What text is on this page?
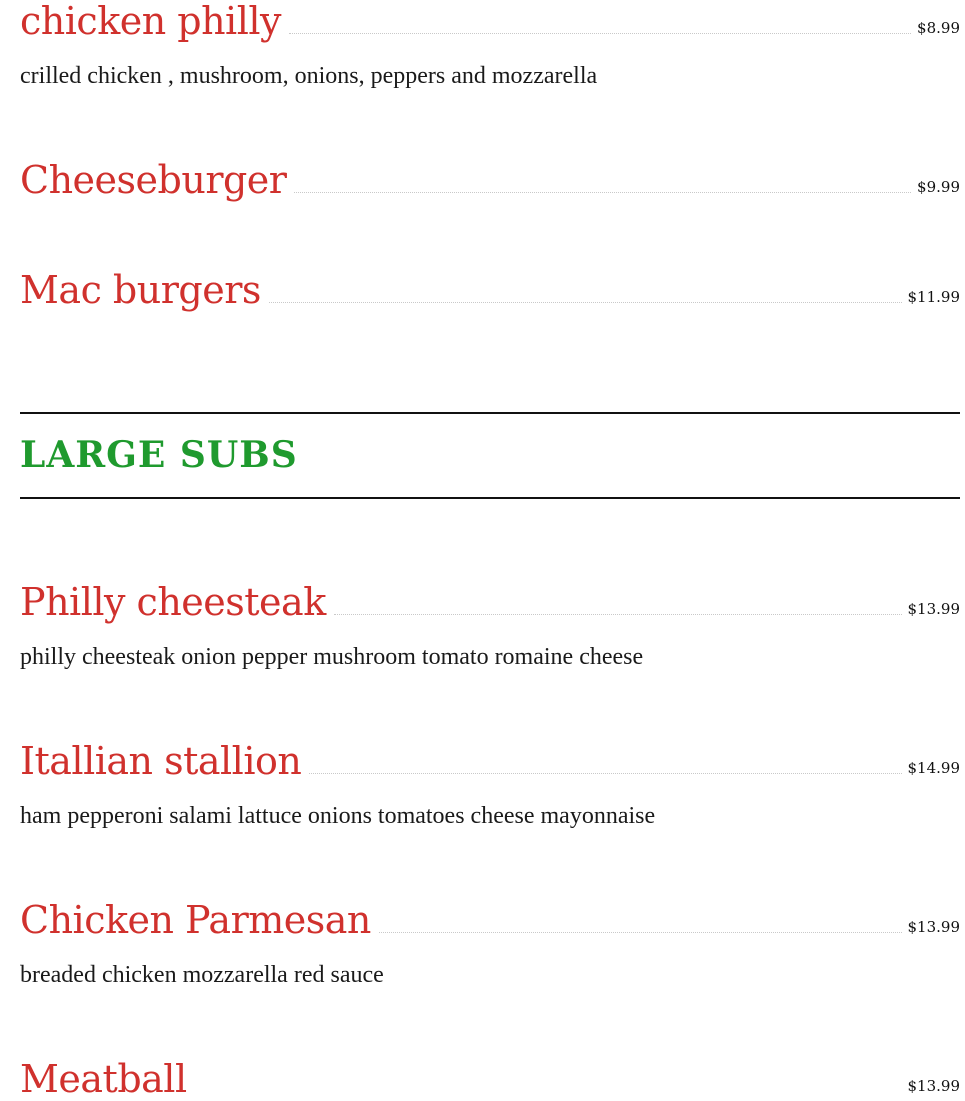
chicken philly	$8.99
crilled chicken , mushroom, onions, peppers and mozzarella
Cheeseburger	$9.99
Mac burgers	$11.99
LARGE SUBS
Philly cheesteak	$13.99
philly cheesteak onion pepper mushroom tomato romaine cheese
Itallian stallion	$14.99
ham pepperoni salami lattuce onions tomatoes cheese mayonnaise
Chicken Parmesan	$13.99
breaded chicken mozzarella red sauce
Meatball	$13.99
